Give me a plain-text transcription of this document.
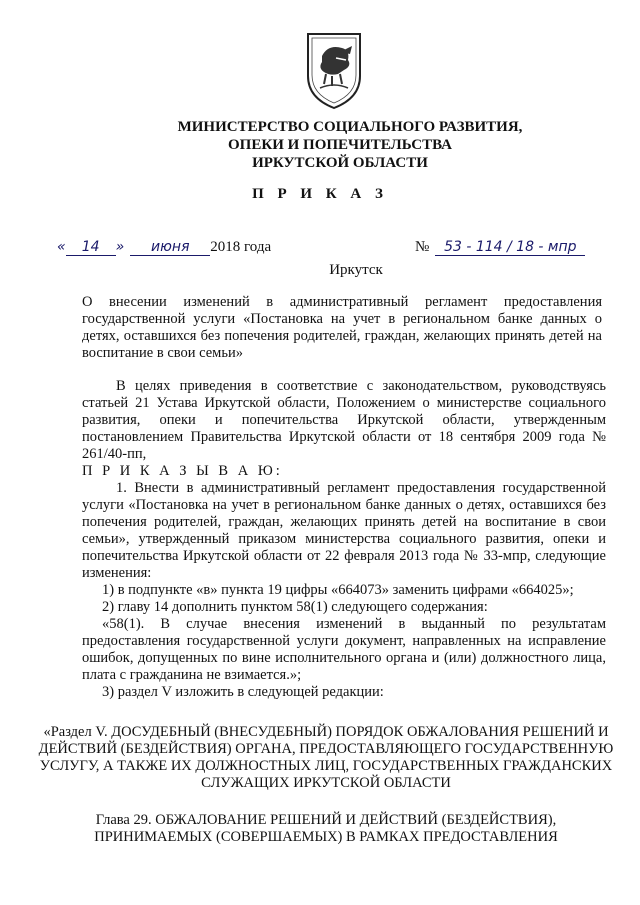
МИНИСТЕРСТВО СОЦИАЛЬНОГО РАЗВИТИЯ,
ОПЕКИ И ПОПЕЧИТЕЛЬСТВА
ИРКУТСКОЙ ОБЛАСТИ
П Р И К А З
« 14 » июня 2018 года	№ 53 - 114 / 18 - мпр
Иркутск
О внесении изменений в административный регламент предоставления государственной услуги «Постановка на учет в региональном банке данных о детях, оставшихся без попечения родителей, граждан, желающих принять детей на воспитание в свои семьи»

В целях приведения в соответствие с законодательством, руководствуясь статьей 21 Устава Иркутской области, Положением о министерстве социального развития, опеки и попечительства Иркутской области, утвержденным постановлением Правительства Иркутской области от 18 сентября 2009 года № 261/40-пп,

П Р И К А З Ы В А Ю:

1. Внести в административный регламент предоставления государственной услуги «Постановка на учет в региональном банке данных о детях, оставшихся без попечения родителей, граждан, желающих принять детей на воспитание в свои семьи», утвержденный приказом министерства социального развития, опеки и попечительства Иркутской области от 22 февраля 2013 года № 33-мпр, следующие изменения:

1) в подпункте «в» пункта 19 цифры «664073» заменить цифрами «664025»;

2) главу 14 дополнить пунктом 58(1) следующего содержания:

«58(1). В случае внесения изменений в выданный по результатам предоставления государственной услуги документ, направленных на исправление ошибок, допущенных по вине исполнительного органа и (или) должностного лица, плата с гражданина не взимается.»;

3) раздел V изложить в следующей редакции:

«Раздел V. ДОСУДЕБНЫЙ (ВНЕСУДЕБНЫЙ) ПОРЯДОК ОБЖАЛОВАНИЯ РЕШЕНИЙ И ДЕЙСТВИЙ (БЕЗДЕЙСТВИЯ) ОРГАНА, ПРЕДОСТАВЛЯЮЩЕГО ГОСУДАРСТВЕННУЮ УСЛУГУ, А ТАКЖЕ ИХ ДОЛЖНОСТНЫХ ЛИЦ, ГОСУДАРСТВЕННЫХ ГРАЖДАНСКИХ СЛУЖАЩИХ ИРКУТСКОЙ ОБЛАСТИ

Глава 29. ОБЖАЛОВАНИЕ РЕШЕНИЙ И ДЕЙСТВИЙ (БЕЗДЕЙСТВИЯ), ПРИНИМАЕМЫХ (СОВЕРШАЕМЫХ) В РАМКАХ ПРЕДОСТАВЛЕНИЯ
